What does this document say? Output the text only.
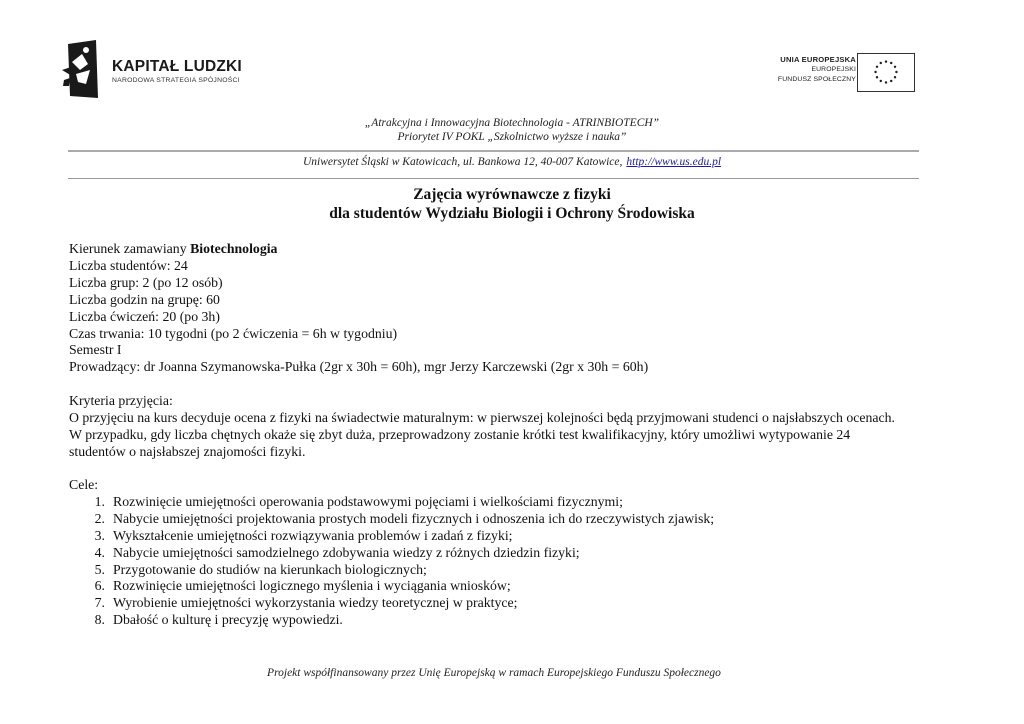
KAPITAŁ LUDZKI
NARODOWA STRATEGIA SPÓJNOŚCI
UNIA EUROPEJSKA
EUROPEJSKI
FUNDUSZ SPOŁECZNY
„Atrakcyjna i Innowacyjna Biotechnologia - ATRINBIOTECH”
Priorytet IV POKL „Szkolnictwo wyższe i nauka”
Uniwersytet Śląski w Katowicach, ul. Bankowa 12, 40-007 Katowice, http://www.us.edu.pl
Zajęcia wyrównawcze z fizyki
dla studentów Wydziału Biologii i Ochrony Środowiska
Kierunek zamawiany Biotechnologia
Liczba studentów: 24
Liczba grup: 2 (po 12 osób)
Liczba godzin na grupę: 60
Liczba ćwiczeń: 20 (po 3h)
Czas trwania: 10 tygodni (po 2 ćwiczenia = 6h w tygodniu)
Semestr I
Prowadzący: dr Joanna Szymanowska-Pułka (2gr x 30h = 60h), mgr Jerzy Karczewski (2gr x 30h = 60h)
Kryteria przyjęcia:
O przyjęciu na kurs decyduje ocena z fizyki na świadectwie maturalnym: w pierwszej kolejności będą przyjmowani studenci o najsłabszych ocenach. W przypadku, gdy liczba chętnych okaże się zbyt duża, przeprowadzony zostanie krótki test kwalifikacyjny, który umożliwi wytypowanie 24 studentów o najsłabszej znajomości fizyki.
Cele:
1. Rozwinięcie umiejętności operowania podstawowymi pojęciami i wielkościami fizycznymi;
2. Nabycie umiejętności projektowania prostych modeli fizycznych i odnoszenia ich do rzeczywistych zjawisk;
3. Wykształcenie umiejętności rozwiązywania problemów i zadań z fizyki;
4. Nabycie umiejętności samodzielnego zdobywania wiedzy z różnych dziedzin fizyki;
5. Przygotowanie do studiów na kierunkach biologicznych;
6. Rozwinięcie umiejętności logicznego myślenia i wyciągania wniosków;
7. Wyrobienie umiejętności wykorzystania wiedzy teoretycznej w praktyce;
8. Dbałość o kulturę i precyzję wypowiedzi.
Projekt współfinansowany przez Unię Europejską w ramach Europejskiego Funduszu Społecznego
